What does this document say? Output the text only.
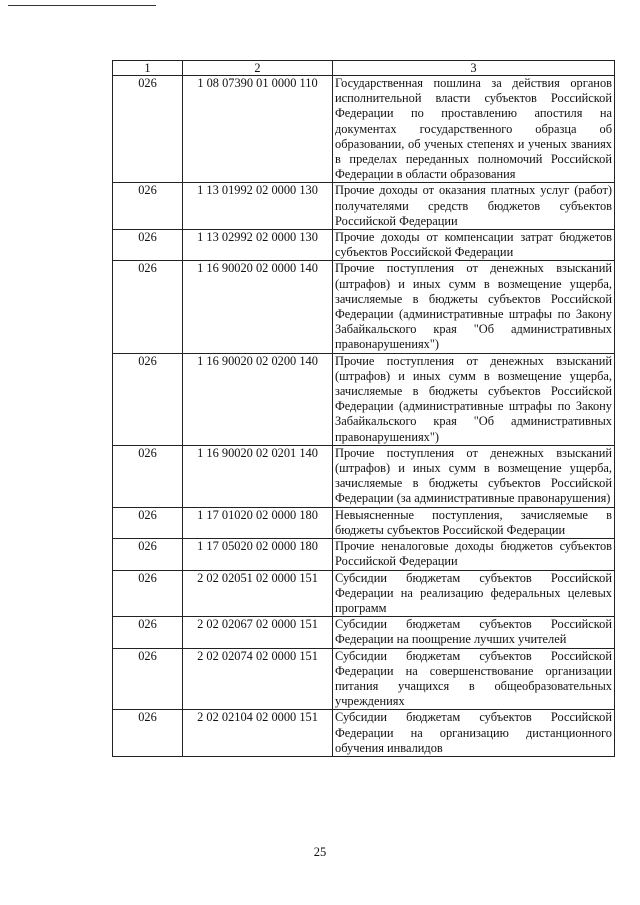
1	2	3
026	1 08 07390 01 0000 110	Государственная пошлина за действия органов исполнительной власти субъектов Российской Федерации по проставлению апостиля на документах государственного образца об образовании, об ученых степенях и ученых званиях в пределах переданных полномочий Российской Федерации в области образования
026	1 13 01992 02 0000 130	Прочие доходы от оказания платных услуг (работ) получателями средств бюджетов субъектов Российской Федерации
026	1 13 02992 02 0000 130	Прочие доходы от компенсации затрат бюджетов субъектов Российской Федерации
026	1 16 90020 02 0000 140	Прочие поступления от денежных взысканий (штрафов) и иных сумм в возмещение ущерба, зачисляемые в бюджеты субъектов Российской Федерации (административные штрафы по Закону Забайкальского края "Об административных правонарушениях")
026	1 16 90020 02 0200 140	Прочие поступления от денежных взысканий (штрафов) и иных сумм в возмещение ущерба, зачисляемые в бюджеты субъектов Российской Федерации (административные штрафы по Закону Забайкальского края "Об административных правонарушениях")
026	1 16 90020 02 0201 140	Прочие поступления от денежных взысканий (штрафов) и иных сумм в возмещение ущерба, зачисляемые в бюджеты субъектов Российской Федерации (за административные правонарушения)
026	1 17 01020 02 0000 180	Невыясненные поступления, зачисляемые в бюджеты субъектов Российской Федерации
026	1 17 05020 02 0000 180	Прочие неналоговые доходы бюджетов субъектов Российской Федерации
026	2 02 02051 02 0000 151	Субсидии бюджетам субъектов Российской Федерации на реализацию федеральных целевых программ
026	2 02 02067 02 0000 151	Субсидии бюджетам субъектов Российской Федерации на поощрение лучших учителей
026	2 02 02074 02 0000 151	Субсидии бюджетам субъектов Российской Федерации на совершенствование организации питания учащихся в общеобразовательных учреждениях
026	2 02 02104 02 0000 151	Субсидии бюджетам субъектов Российской Федерации на организацию дистанционного обучения инвалидов
25
